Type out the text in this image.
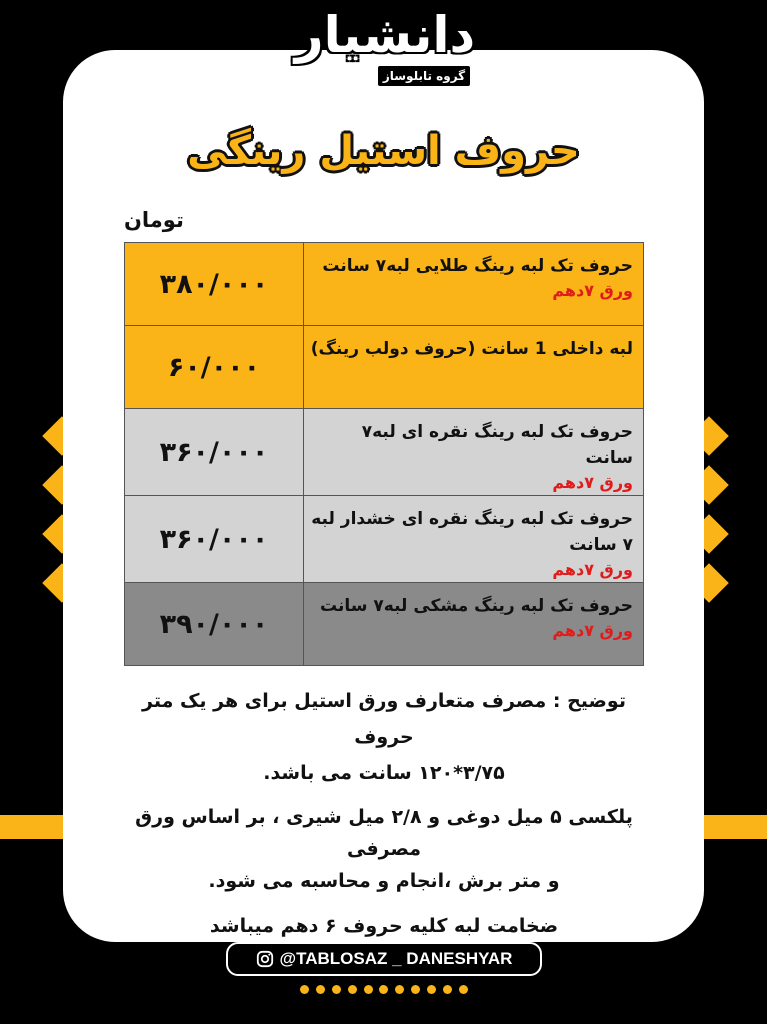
دانشیار
گروه تابلوساز
حروف استیل رینگی
تومان
حروف تک لبه رینگ طلایی لبه۷ سانت
ورق ۷دهم	۳۸۰/۰۰۰

لبه داخلی 1 سانت (حروف دولب رینگ)	۶۰/۰۰۰

حروف تک لبه رینگ نقره ای لبه۷ سانت
ورق ۷دهم	۳۶۰/۰۰۰

حروف تک لبه رینگ نقره ای خشدار لبه ۷ سانت
ورق ۷دهم	۳۶۰/۰۰۰

حروف تک لبه رینگ مشکی لبه۷ سانت
ورق ۷دهم	۳۹۰/۰۰۰

توضیح : مصرف متعارف ورق استیل برای هر یک متر حروف
۳/۷۵*۱۲۰ سانت می باشد.

پلکسی ۵ میل دوغی و ۲/۸ میل شیری ، بر اساس ورق مصرفی
و متر برش ،انجام و محاسبه می شود.

ضخامت لبه کلیه حروف ۶ دهم میباشد

@TABLOSAZ _ DANESHYAR
